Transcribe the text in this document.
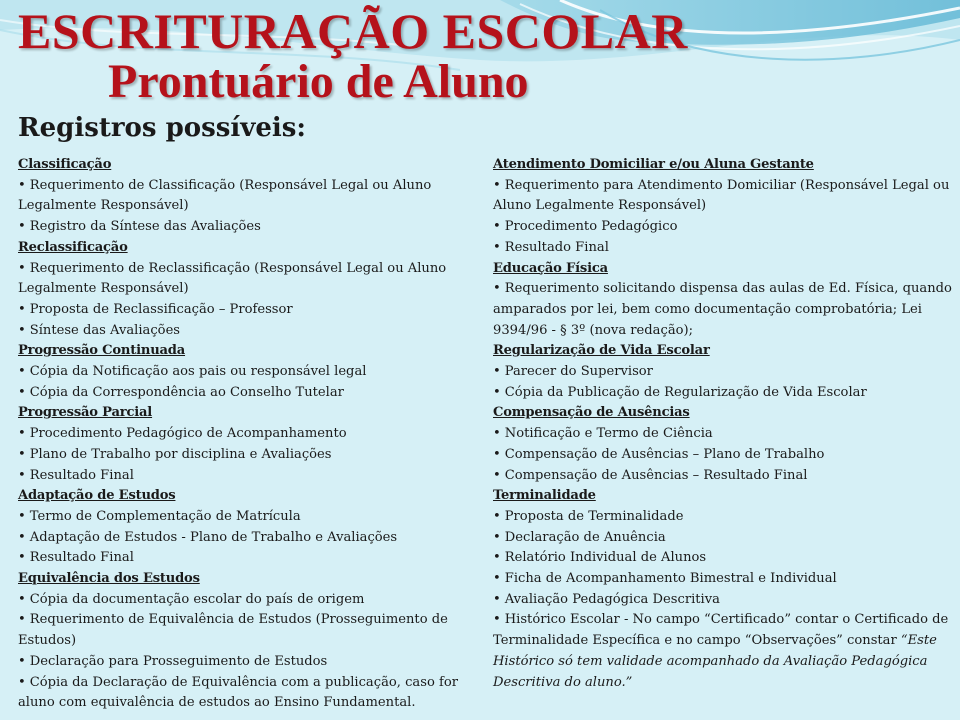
ESCRITURAÇÃO ESCOLAR
Prontuário de Aluno
Registros possíveis:

Classificação

• Requerimento de Classificação (Responsável Legal ou Aluno Legalmente Responsável)

• Registro da Síntese das Avaliações

Reclassificação

• Requerimento de Reclassificação (Responsável Legal ou Aluno Legalmente Responsável)

• Proposta de Reclassificação – Professor

• Síntese das Avaliações

Progressão Continuada

• Cópia da Notificação aos pais ou responsável legal

• Cópia da Correspondência ao Conselho Tutelar

Progressão Parcial

• Procedimento Pedagógico de Acompanhamento

• Plano de Trabalho por disciplina e Avaliações

• Resultado Final

Adaptação de Estudos

• Termo de Complementação de Matrícula

• Adaptação de Estudos - Plano de Trabalho e Avaliações

• Resultado Final

Equivalência dos Estudos

• Cópia da documentação escolar do país de origem

• Requerimento de Equivalência de Estudos (Prosseguimento de Estudos)

• Declaração para Prosseguimento de Estudos

• Cópia da Declaração de Equivalência com a publicação, caso for aluno com equivalência de estudos ao Ensino Fundamental.

Atendimento Domiciliar e/ou Aluna Gestante

• Requerimento para Atendimento Domiciliar (Responsável Legal ou Aluno Legalmente Responsável)

• Procedimento Pedagógico

• Resultado Final

Educação Física

• Requerimento solicitando dispensa das aulas de Ed. Física, quando amparados por lei, bem como documentação comprobatória; Lei 9394/96 - § 3º (nova redação);

Regularização de Vida Escolar

• Parecer do Supervisor

• Cópia da Publicação de Regularização de Vida Escolar

Compensação de Ausências

• Notificação e Termo de Ciência

• Compensação de Ausências – Plano de Trabalho

• Compensação de Ausências – Resultado Final

Terminalidade

• Proposta de Terminalidade

• Declaração de Anuência

• Relatório Individual de Alunos

• Ficha de Acompanhamento Bimestral e Individual

• Avaliação Pedagógica Descritiva

• Histórico Escolar - No campo “Certificado” contar o Certificado de Terminalidade Específica e no campo “Observações” constar “Este Histórico só tem validade acompanhado da Avaliação Pedagógica Descritiva do aluno.”
